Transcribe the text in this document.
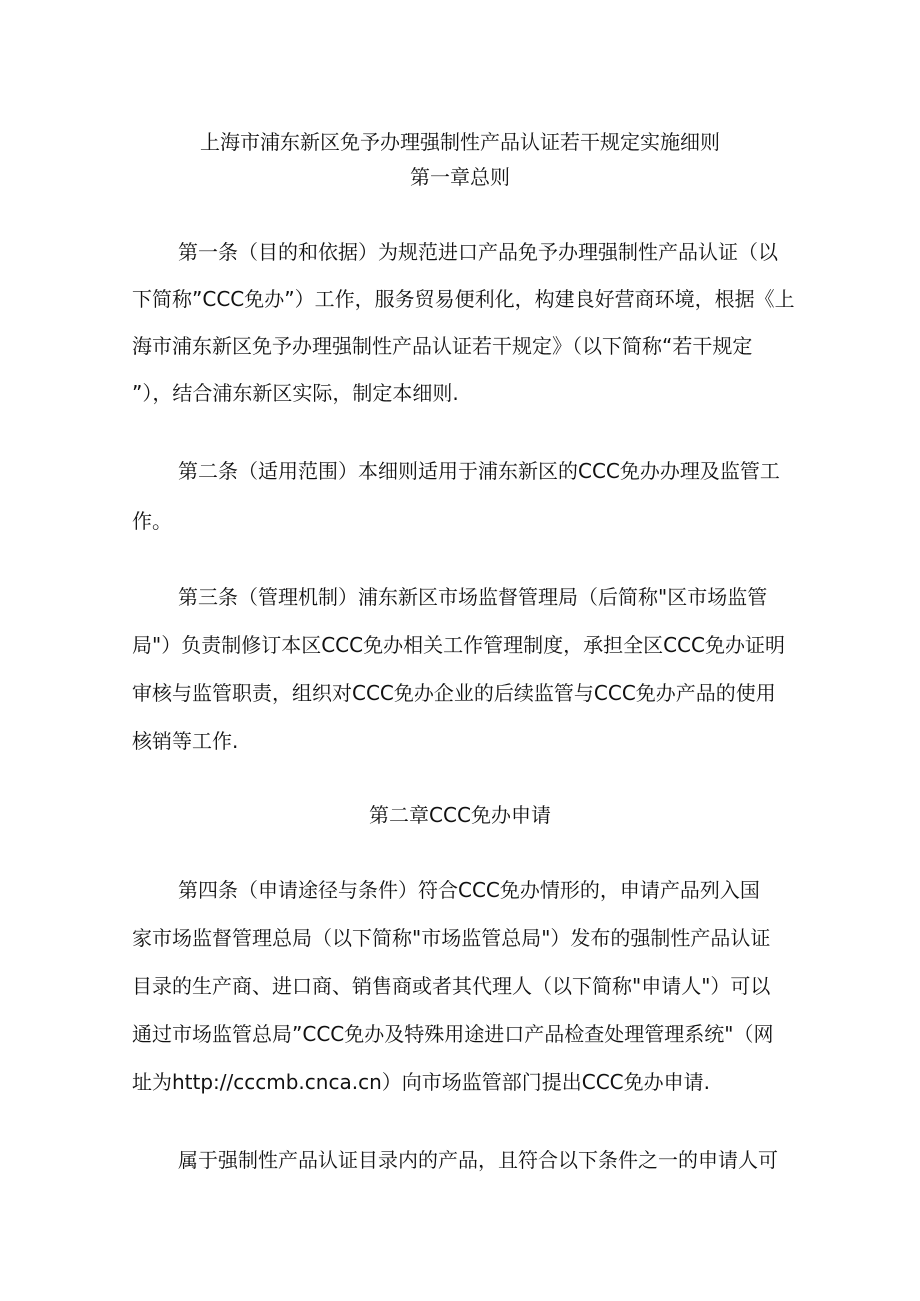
上海市浦东新区免予办理强制性产品认证若干规定实施细则
第一章总则
第一条（目的和依据）为规范进口产品免予办理强制性产品认证（以
下简称”CCC免办”）工作，服务贸易便利化，构建良好营商环境，根据《上
海市浦东新区免予办理强制性产品认证若干规定》（以下简称“若干规定
”），结合浦东新区实际，制定本细则.
第二条（适用范围）本细则适用于浦东新区的CCC免办办理及监管工
作。
第三条（管理机制）浦东新区市场监督管理局（后简称"区市场监管
局"）负责制修订本区CCC免办相关工作管理制度，承担全区CCC免办证明
审核与监管职责，组织对CCC免办企业的后续监管与CCC免办产品的使用
核销等工作.
第二章CCC免办申请
第四条（申请途径与条件）符合CCC免办情形的，申请产品列入国
家市场监督管理总局（以下简称"市场监管总局"）发布的强制性产品认证
目录的生产商、进口商、销售商或者其代理人（以下简称"申请人"）可以
通过市场监管总局”CCC免办及特殊用途进口产品检查处理管理系统"（网
址为http://cccmb.cnca.cn）向市场监管部门提出CCC免办申请.
属于强制性产品认证目录内的产品，且符合以下条件之一的申请人可
